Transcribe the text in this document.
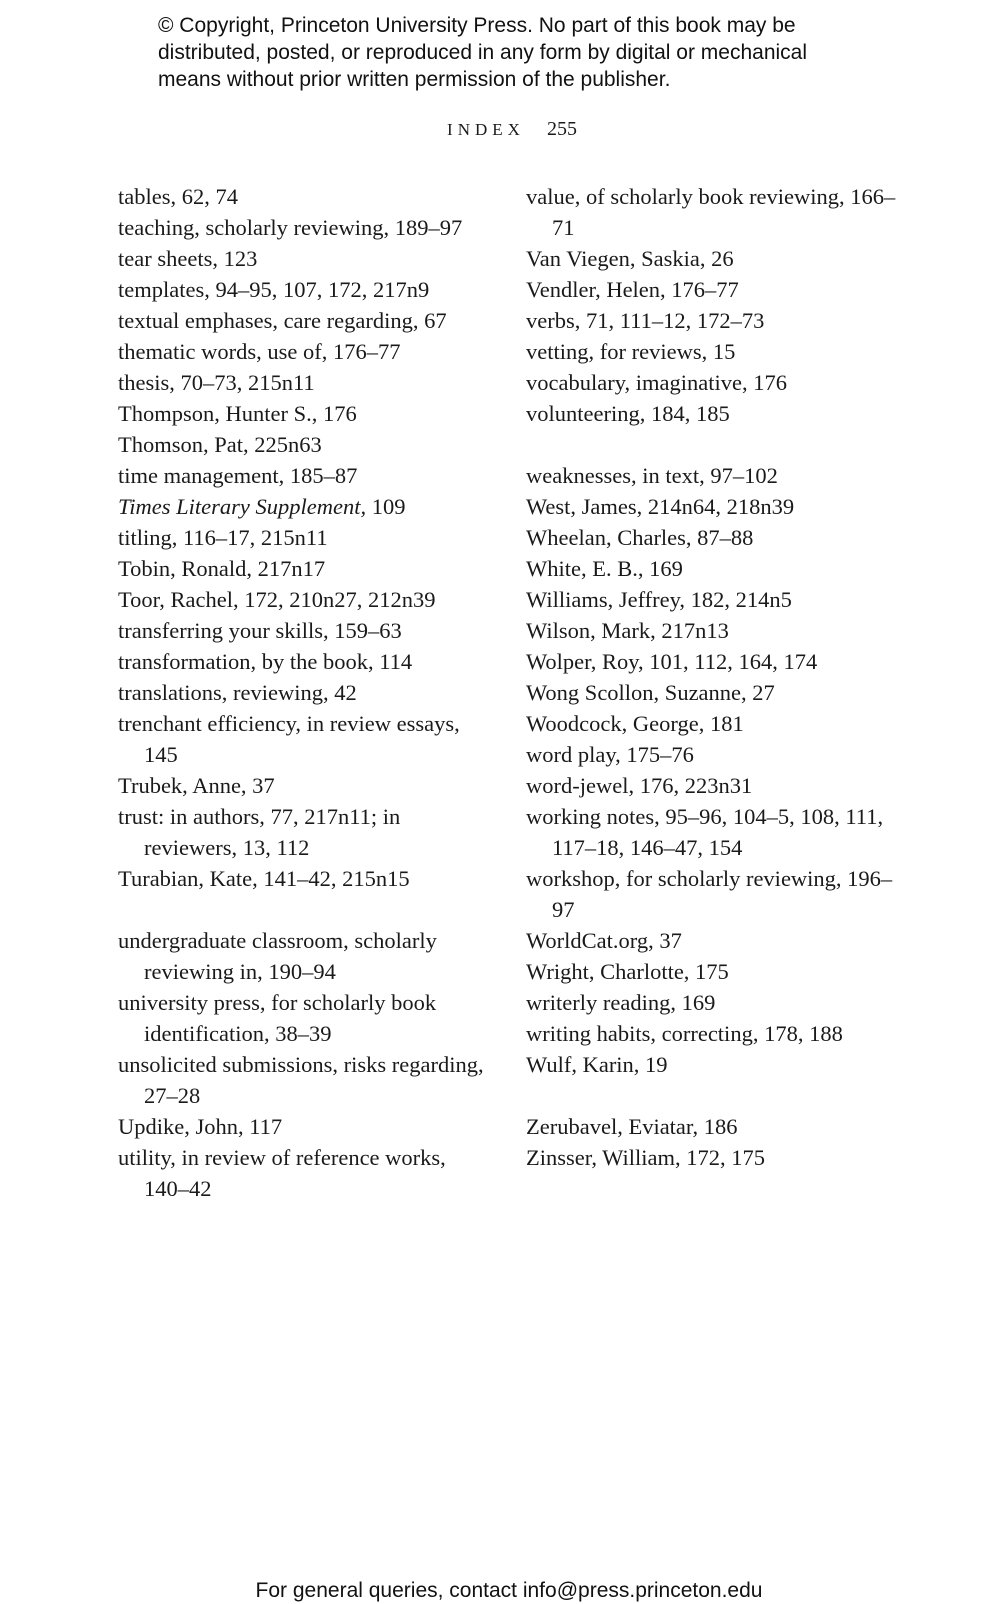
© Copyright, Princeton University Press. No part of this book may be
distributed, posted, or reproduced in any form by digital or mechanical
means without prior written permission of the publisher.
INDEX 255
tables, 62, 74
teaching, scholarly reviewing, 189–97
tear sheets, 123
templates, 94–95, 107, 172, 217n9
textual emphases, care regarding, 67
thematic words, use of, 176–77
thesis, 70–73, 215n11
Thompson, Hunter S., 176
Thomson, Pat, 225n63
time management, 185–87
Times Literary Supplement, 109
titling, 116–17, 215n11
Tobin, Ronald, 217n17
Toor, Rachel, 172, 210n27, 212n39
transferring your skills, 159–63
transformation, by the book, 114
translations, reviewing, 42
trenchant efficiency, in review essays, 145
Trubek, Anne, 37
trust: in authors, 77, 217n11; in reviewers, 13, 112
Turabian, Kate, 141–42, 215n15
undergraduate classroom, scholarly reviewing in, 190–94
university press, for scholarly book identification, 38–39
unsolicited submissions, risks regarding, 27–28
Updike, John, 117
utility, in review of reference works, 140–42
value, of scholarly book reviewing, 166–71
Van Viegen, Saskia, 26
Vendler, Helen, 176–77
verbs, 71, 111–12, 172–73
vetting, for reviews, 15
vocabulary, imaginative, 176
volunteering, 184, 185
weaknesses, in text, 97–102
West, James, 214n64, 218n39
Wheelan, Charles, 87–88
White, E. B., 169
Williams, Jeffrey, 182, 214n5
Wilson, Mark, 217n13
Wolper, Roy, 101, 112, 164, 174
Wong Scollon, Suzanne, 27
Woodcock, George, 181
word play, 175–76
word-jewel, 176, 223n31
working notes, 95–96, 104–5, 108, 111, 117–18, 146–47, 154
workshop, for scholarly reviewing, 196–97
WorldCat.org, 37
Wright, Charlotte, 175
writerly reading, 169
writing habits, correcting, 178, 188
Wulf, Karin, 19
Zerubavel, Eviatar, 186
Zinsser, William, 172, 175
For general queries, contact info@press.princeton.edu
